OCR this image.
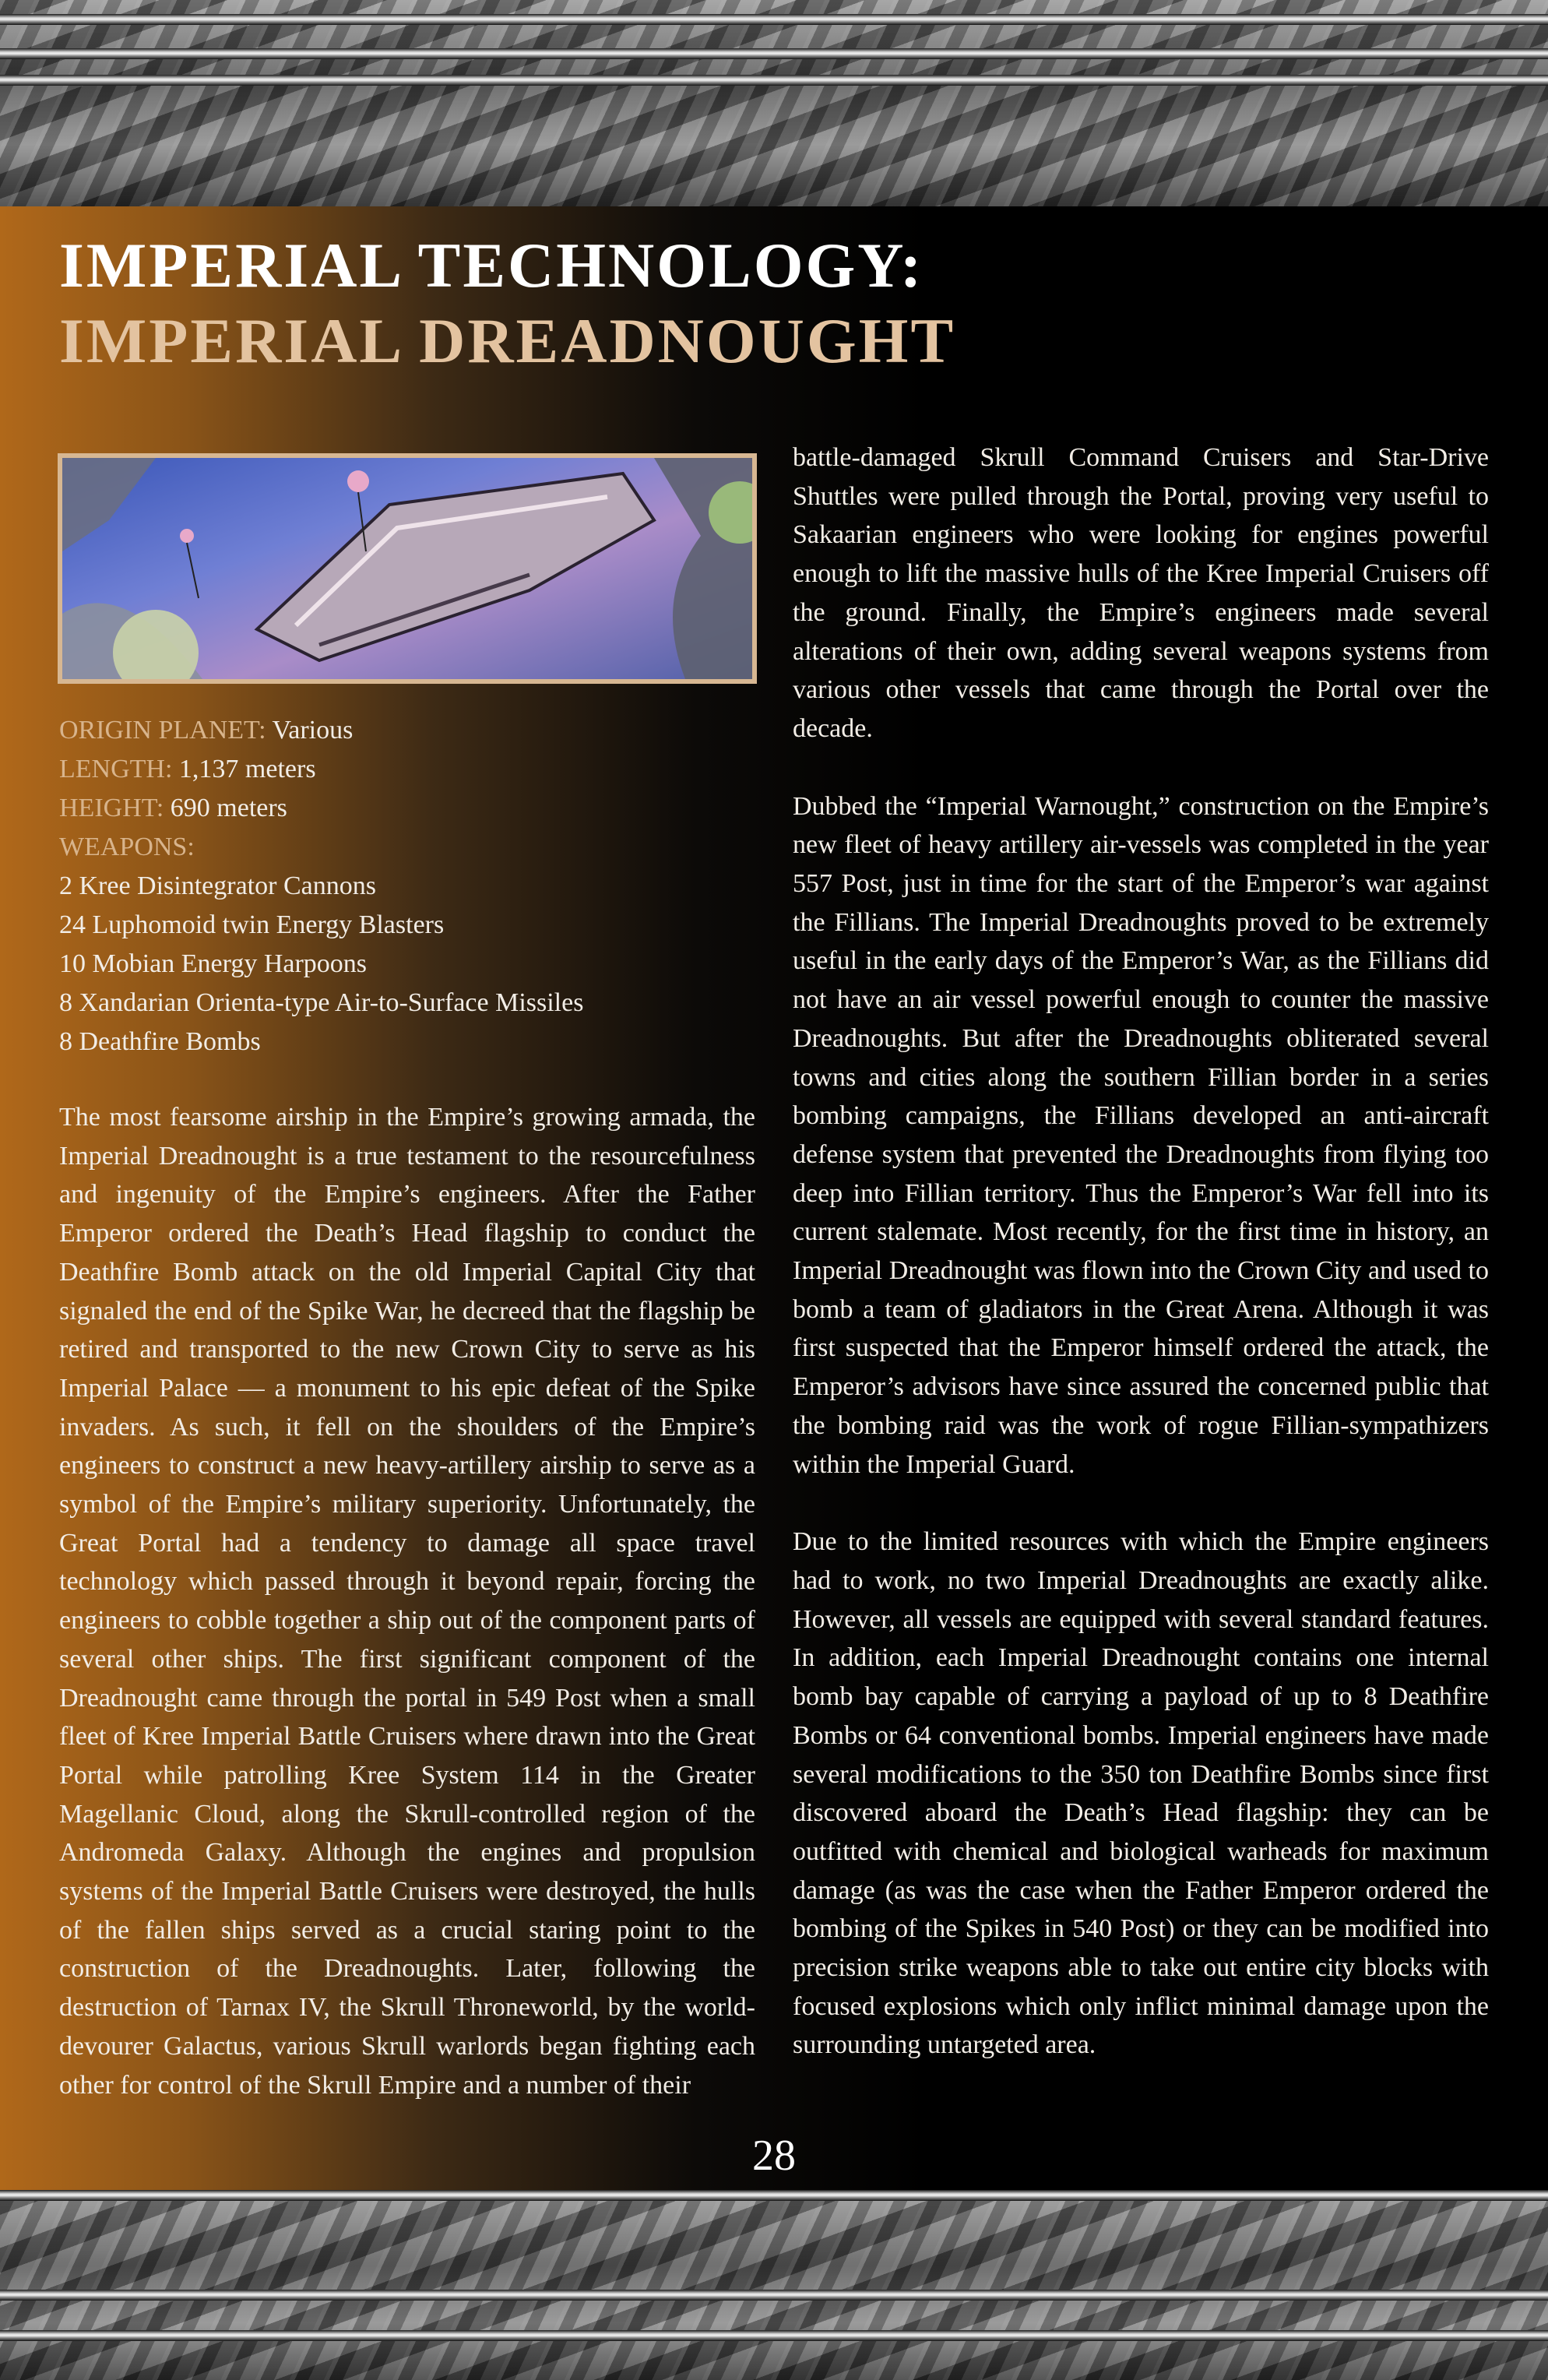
IMPERIAL TECHNOLOGY:
IMPERIAL DREADNOUGHT
ORIGIN PLANET: Various
LENGTH: 1,137 meters
HEIGHT: 690 meters
WEAPONS:
2 Kree Disintegrator Cannons
24 Luphomoid twin Energy Blasters
10 Mobian Energy Harpoons
8 Xandarian Orienta-type Air-to-Surface Missiles
8 Deathfire Bombs

The most fearsome airship in the Empire’s growing armada, the Imperial Dreadnought is a true testament to the resourcefulness and ingenuity of the Empire’s engineers. After the Father Emperor ordered the Death’s Head flagship to conduct the Deathfire Bomb attack on the old Imperial Capital City that signaled the end of the Spike War, he decreed that the flagship be retired and transported to the new Crown City to serve as his Imperial Palace — a monument to his epic defeat of the Spike invaders. As such, it fell on the shoulders of the Empire’s engineers to construct a new heavy-artillery airship to serve as a symbol of the Empire’s military superiority. Unfortunately, the Great Portal had a tendency to damage all space travel technology which passed through it beyond repair, forcing the engineers to cobble together a ship out of the component parts of several other ships. The first significant component of the Dreadnought came through the portal in 549 Post when a small fleet of Kree Imperial Battle Cruisers where drawn into the Great Portal while patrolling Kree System 114 in the Greater Magellanic Cloud, along the Skrull-controlled region of the Andromeda Galaxy. Although the engines and propulsion systems of the Imperial Battle Cruisers were destroyed, the hulls of the fallen ships served as a crucial staring point to the construction of the Dreadnoughts. Later, following the destruction of Tarnax IV, the Skrull Throneworld, by the world-devourer Galactus, various Skrull warlords began fighting each other for control of the Skrull Empire and a number of their

battle-damaged Skrull Command Cruisers and Star-Drive Shuttles were pulled through the Portal, proving very useful to Sakaarian engineers who were looking for engines powerful enough to lift the massive hulls of the Kree Imperial Cruisers off the ground. Finally, the Empire’s engineers made several alterations of their own, adding several weapons systems from various other vessels that came through the Portal over the decade.

Dubbed the “Imperial Warnought,” construction on the Empire’s new fleet of heavy artillery air-vessels was completed in the year 557 Post, just in time for the start of the Emperor’s war against the Fillians. The Imperial Dreadnoughts proved to be extremely useful in the early days of the Emperor’s War, as the Fillians did not have an air vessel powerful enough to counter the massive Dreadnoughts. But after the Dreadnoughts obliterated several towns and cities along the southern Fillian border in a series bombing campaigns, the Fillians developed an anti-aircraft defense system that prevented the Dreadnoughts from flying too deep into Fillian territory. Thus the Emperor’s War fell into its current stalemate. Most recently, for the first time in history, an Imperial Dreadnought was flown into the Crown City and used to bomb a team of gladiators in the Great Arena. Although it was first suspected that the Emperor himself ordered the attack, the Emperor’s advisors have since assured the concerned public that the bombing raid was the work of rogue Fillian-sympathizers within the Imperial Guard.

Due to the limited resources with which the Empire engineers had to work, no two Imperial Dreadnoughts are exactly alike. However, all vessels are equipped with several standard features. In addition, each Imperial Dreadnought contains one internal bomb bay capable of carrying a payload of up to 8 Deathfire Bombs or 64 conventional bombs. Imperial engineers have made several modifications to the 350 ton Deathfire Bombs since first discovered aboard the Death’s Head flagship: they can be outfitted with chemical and biological warheads for maximum damage (as was the case when the Father Emperor ordered the bombing of the Spikes in 540 Post) or they can be modified into precision strike weapons able to take out entire city blocks with focused explosions which only inflict minimal damage upon the surrounding untargeted area.

28
